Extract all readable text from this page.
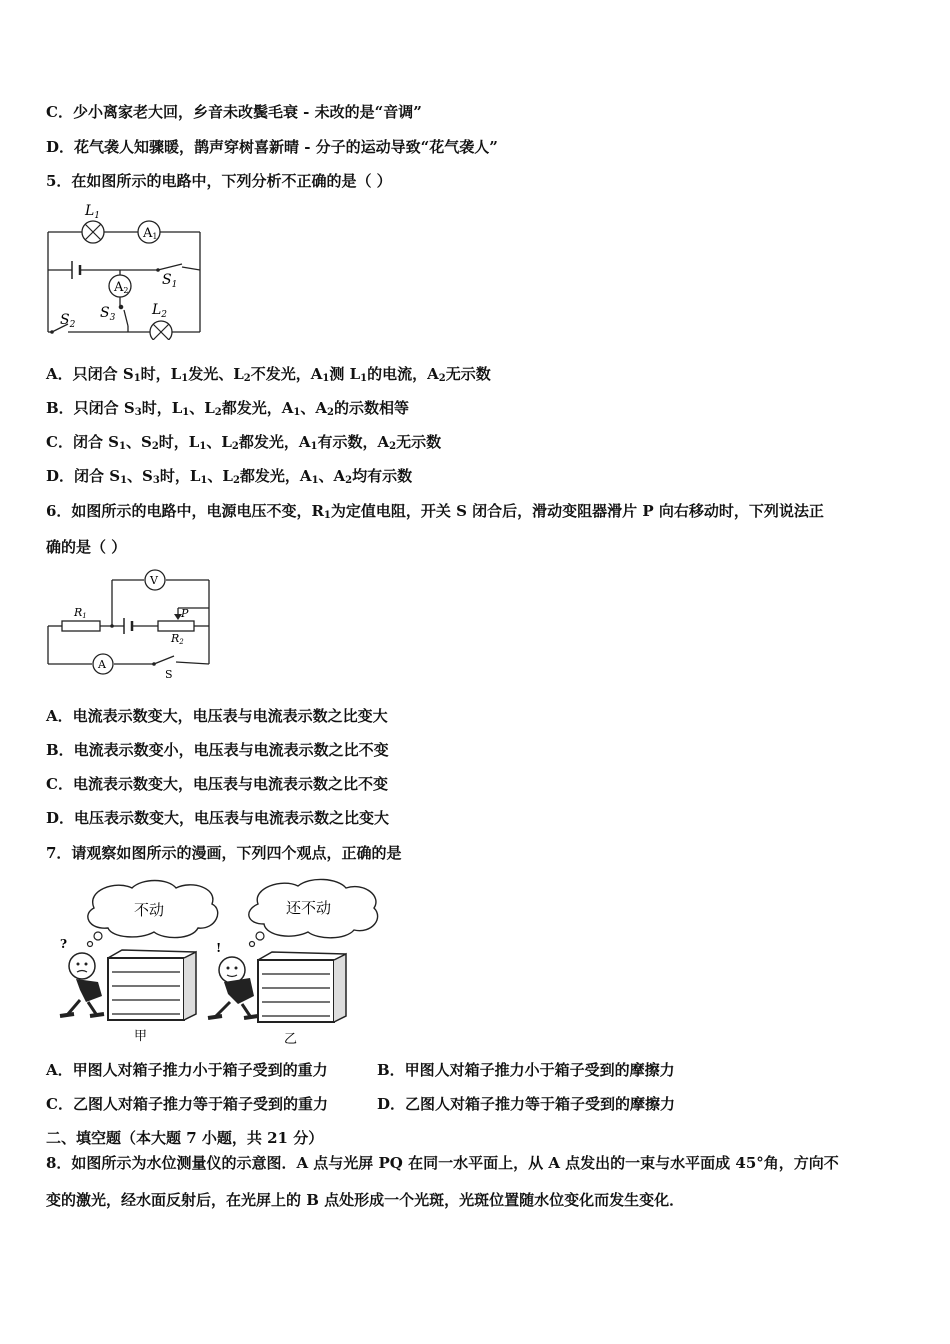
C．少小离家老大回，乡音未改鬓毛衰 - 未改的是“音调”
D．花气袭人知骤暖，鹊声穿树喜新晴 - 分子的运动导致“花气袭人”
5．在如图所示的电路中，下列分析不正确的是（ ）
A1
A2
$L_1$
$S_1$
$S_3$
$S_2$
$L_2$
A．只闭合 $S_1$时，$L_1$发光、$L_2$不发光，$A_1$测 $L_1$的电流，$A_2$无示数
B．只闭合 $S_3$时，$L_1$、$L_2$都发光，$A_1$、$A_2$的示数相等
C．闭合 $S_1$、$S_2$时，$L_1$、$L_2$都发光，$A_1$有示数，$A_2$无示数
D．闭合 $S_1$、$S_3$时，$L_1$、$L_2$都发光，$A_1$、$A_2$均有示数
6．如图所示的电路中，电源电压不变，$R_1$为定值电阻，开关 S 闭合后，滑动变阻器滑片 P 向右移动时，下列说法正
确的是（ ）
V
A
R1	P
R2
S
A．电流表示数变大，电压表与电流表示数之比变大
B．电流表示数变小，电压表与电流表示数之比不变
C．电流表示数变大，电压表与电流表示数之比不变
D．电压表示数变大，电压表与电流表示数之比变大
7．请观察如图所示的漫画，下列四个观点，正确的是
不动	还不动
?
甲
!
乙
A．甲图人对箱子推力小于箱子受到的重力	B．甲图人对箱子推力小于箱子受到的摩擦力
C．乙图人对箱子推力等于箱子受到的重力	D．乙图人对箱子推力等于箱子受到的摩擦力
二、填空题（本大题 7 小题，共 21 分）
8．如图所示为水位测量仪的示意图．A 点与光屏 PQ 在同一水平面上，从 A 点发出的一束与水平面成 45°角，方向不
变的激光，经水面反射后，在光屏上的 B 点处形成一个光斑，光斑位置随水位变化而发生变化．
